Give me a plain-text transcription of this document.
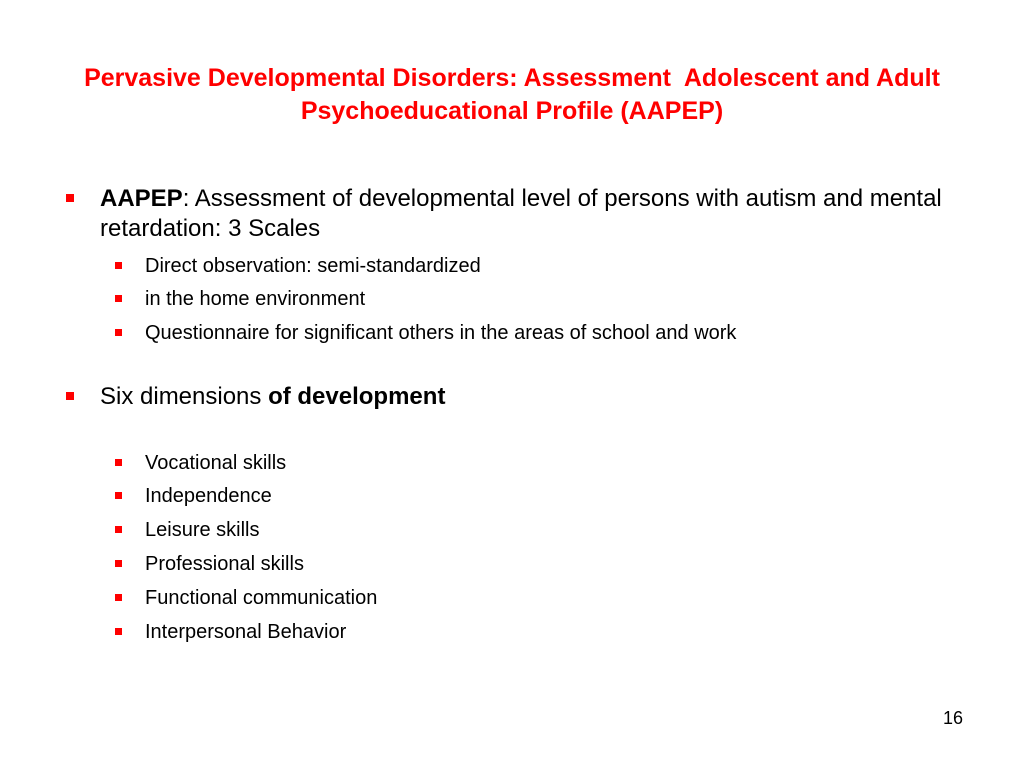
Pervasive Developmental Disorders: Assessment  Adolescent and Adult Psychoeducational Profile (AAPEP)
AAPEP: Assessment of developmental level of persons with autism and mental retardation: 3 Scales
Direct observation: semi-standardized
in the home environment
Questionnaire for significant others in the areas of school and work
Six dimensions of development
Vocational skills
Independence
Leisure skills
Professional skills
Functional communication
Interpersonal Behavior
16
